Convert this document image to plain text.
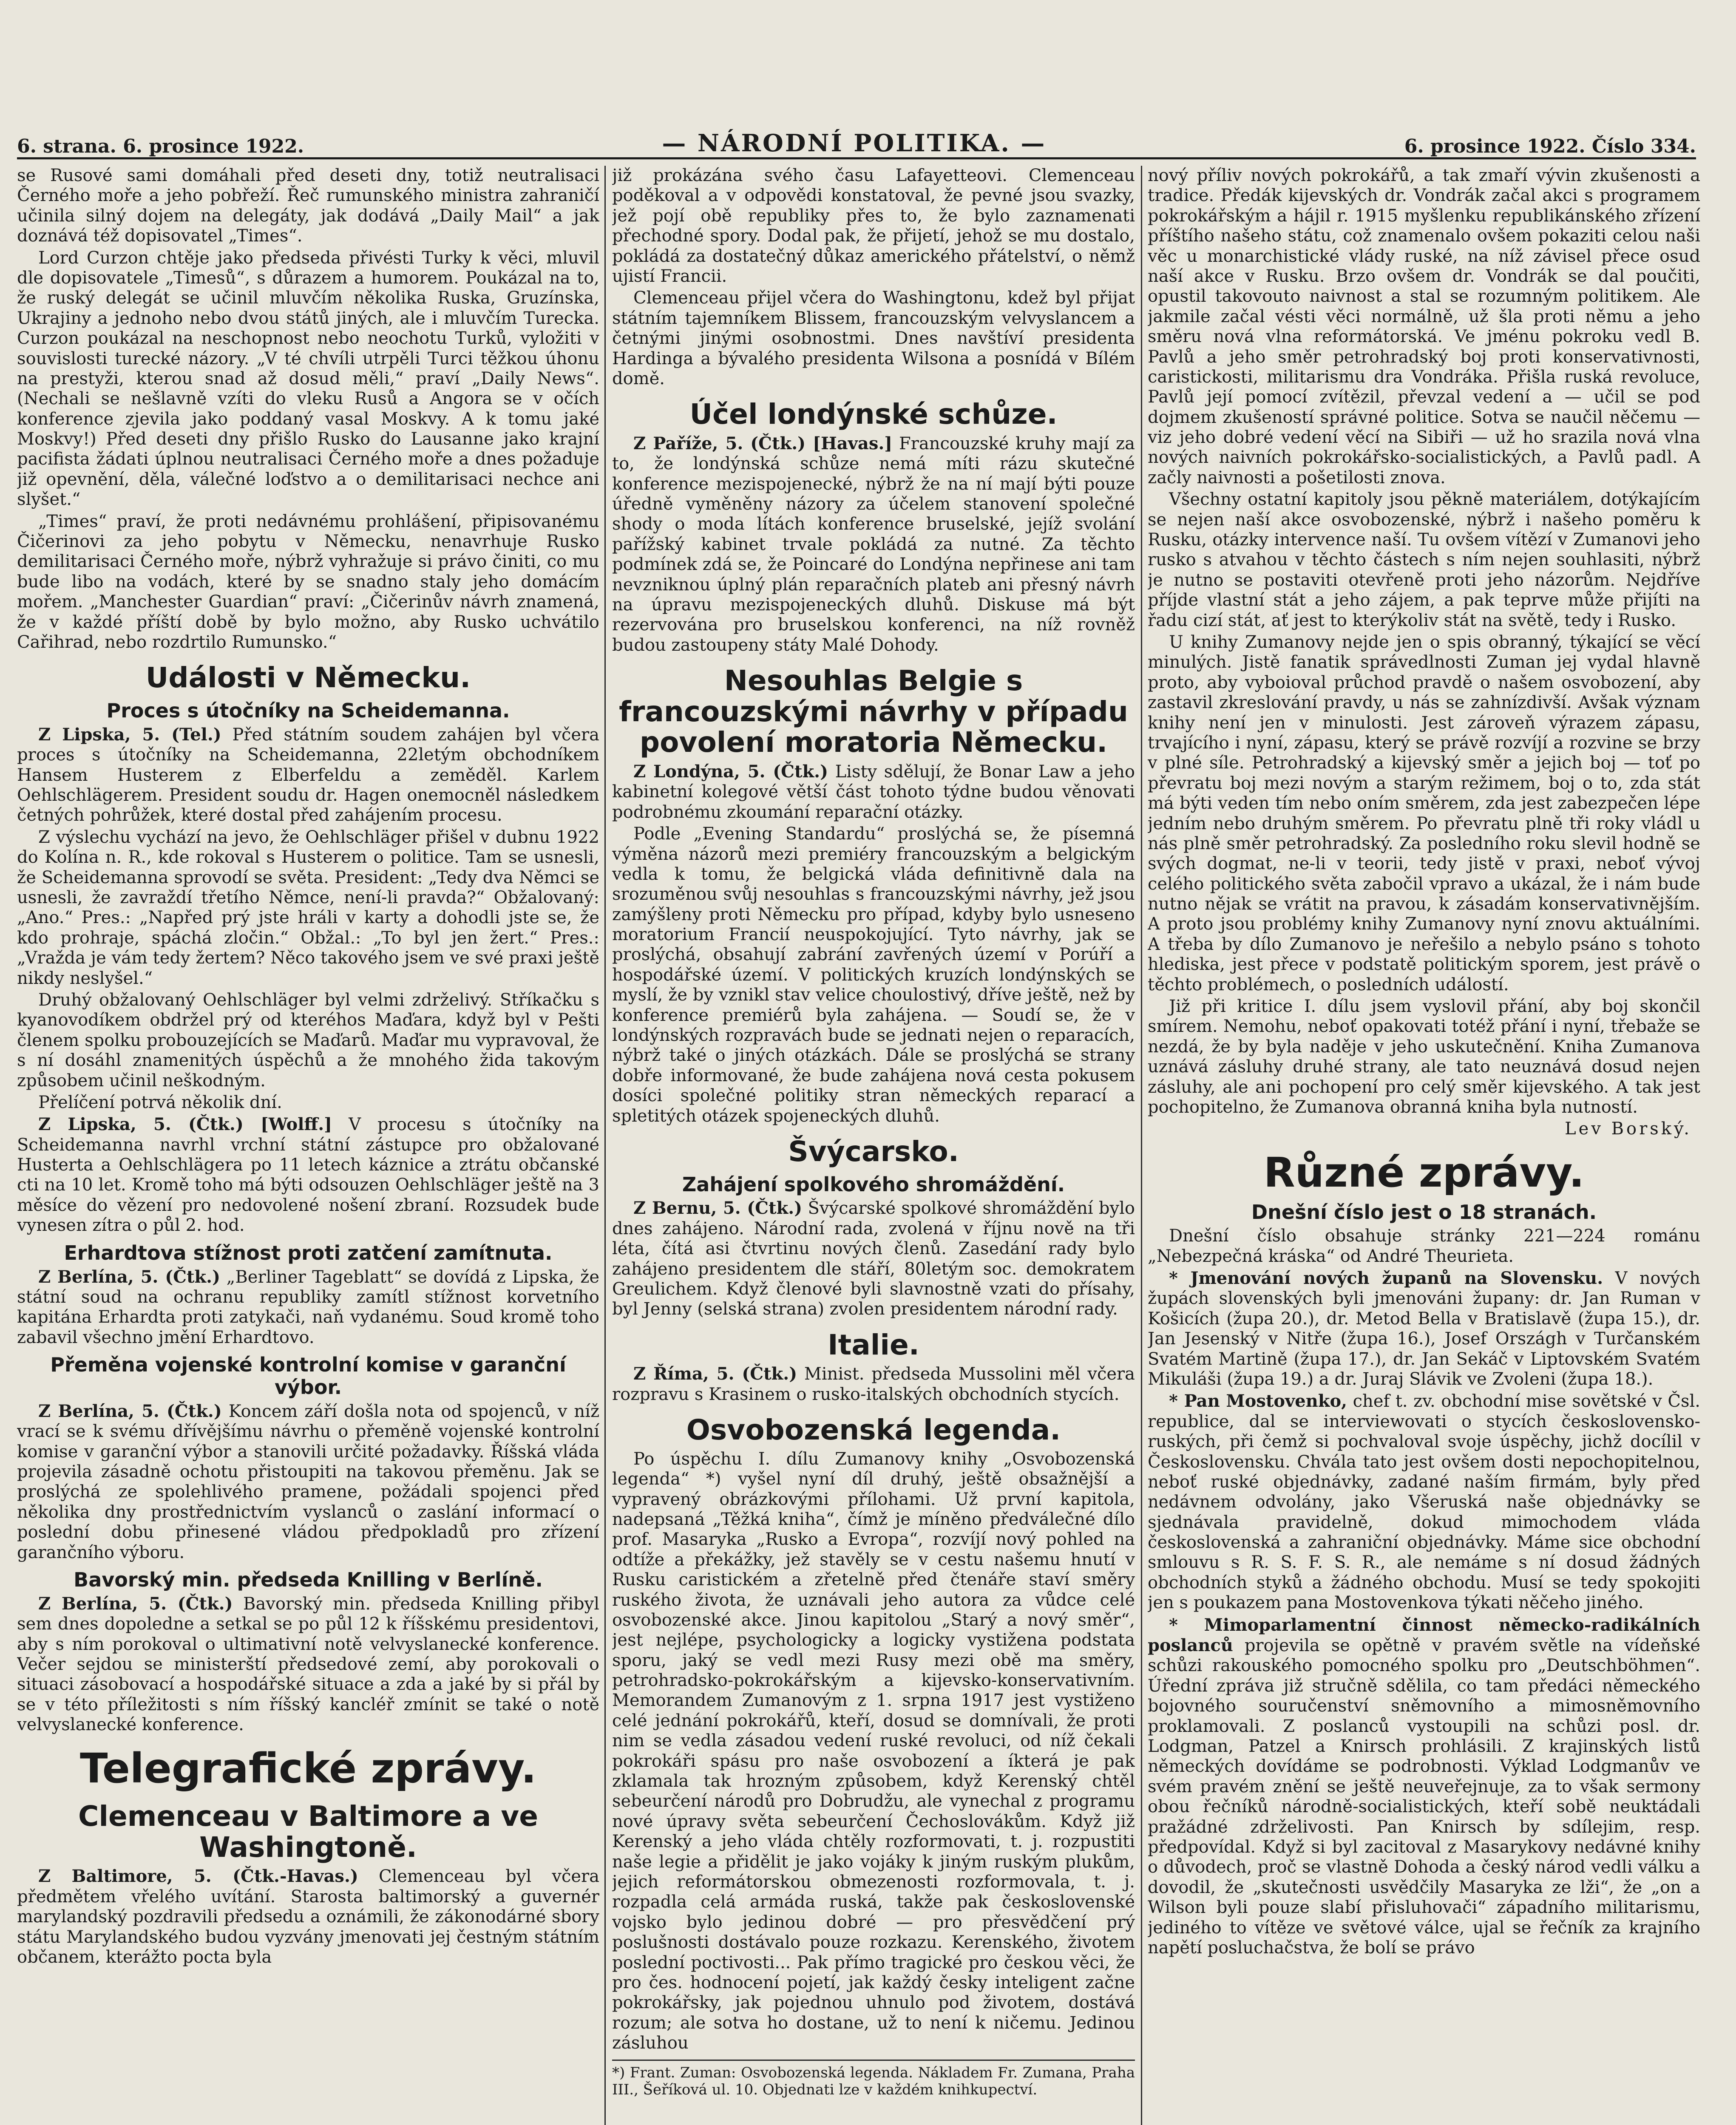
6. strana. 6. prosince 1922.	— NÁRODNÍ POLITIKA. —	6. prosince 1922. Číslo 334.

se Rusové sami domáhali před deseti dny, totiž neutralisaci Černého moře a jeho pobřeží. Řeč rumunského ministra zahraničí učinila silný dojem na delegáty, jak dodává „Daily Mail“ a jak doznává též dopisovatel „Times“.

Lord Curzon chtěje jako předseda přivésti Turky k věci, mluvil dle dopisovatele „Timesů“, s důrazem a humorem. Poukázal na to, že ruský delegát se učinil mluvčím několika Ruska, Gruzínska, Ukrajiny a jednoho nebo dvou států jiných, ale i mluvčím Turecka. Curzon poukázal na neschopnost nebo neochotu Turků, vyložiti v souvislosti turecké názory. „V té chvíli utrpěli Turci těžkou úhonu na prestyži, kterou snad až dosud měli,“ praví „Daily News“. (Nechali se nešlavně vzíti do vleku Rusů a Angora se v očích konference zjevila jako poddaný vasal Moskvy. A k tomu jaké Moskvy!) Před deseti dny přišlo Rusko do Lausanne jako krajní pacifista žádati úplnou neutralisaci Černého moře a dnes požaduje již opevnění, děla, válečné loďstvo a o demilitarisaci nechce ani slyšet.“

„Times“ praví, že proti nedávnému prohlášení, připisovanému Čičerinovi za jeho pobytu v Německu, nenavrhuje Rusko demilitarisaci Černého moře, nýbrž vyhražuje si právo činiti, co mu bude libo na vodách, které by se snadno staly jeho domácím mořem. „Manchester Guardian“ praví: „Čičerinův návrh znamená, že v každé příští době by bylo možno, aby Rusko uchvátilo Cařihrad, nebo rozdrtilo Rumunsko.“

Události v Německu.
Proces s útočníky na Scheidemanna.

Z Lipska, 5. (Tel.) Před státním soudem zahájen byl včera proces s útočníky na Scheidemanna, 22letým obchodníkem Hansem Husterem z Elberfeldu a zeměděl. Karlem Oehlschlägerem. President soudu dr. Hagen onemocněl následkem četných pohrůžek, které dostal před zahájením procesu.

Z výslechu vychází na jevo, že Oehlschläger přišel v dubnu 1922 do Kolína n. R., kde rokoval s Husterem o politice. Tam se usnesli, že Scheidemanna sprovodí se světa. President: „Tedy dva Němci se usnesli, že zavraždí třetího Němce, není-li pravda?“ Obžalovaný: „Ano.“ Pres.: „Napřed prý jste hráli v karty a dohodli jste se, že kdo prohraje, spáchá zločin.“ Obžal.: „To byl jen žert.“ Pres.: „Vražda je vám tedy žertem? Něco takového jsem ve své praxi ještě nikdy neslyšel.“

Druhý obžalovaný Oehlschläger byl velmi zdrželivý. Stříkačku s kyanovodíkem obdržel prý od kteréhos Maďara, když byl v Pešti členem spolku probouzejících se Maďarů. Maďar mu vypravoval, že s ní dosáhl znamenitých úspěchů a že mnohého žida takovým způsobem učinil neškodným.

Přelíčení potrvá několik dní.

Z Lipska, 5. (Čtk.) [Wolff.] V procesu s útočníky na Scheidemanna navrhl vrchní státní zástupce pro obžalované Husterta a Oehlschlägera po 11 letech káznice a ztrátu občanské cti na 10 let. Kromě toho má býti odsouzen Oehlschläger ještě na 3 měsíce do vězení pro nedovolené nošení zbraní. Rozsudek bude vynesen zítra o půl 2. hod.

Erhardtova stížnost proti zatčení zamítnuta.

Z Berlína, 5. (Čtk.) „Berliner Tageblatt“ se dovídá z Lipska, že státní soud na ochranu republiky zamítl stížnost korvetního kapitána Erhardta proti zatykači, naň vydanému. Soud kromě toho zabavil všechno jmění Erhardtovo.

Přeměna vojenské kontrolní komise v garanční výbor.

Z Berlína, 5. (Čtk.) Koncem září došla nota od spojenců, v níž vrací se k svému dřívějšímu návrhu o přeměně vojenské kontrolní komise v garanční výbor a stanovili určité požadavky. Říšská vláda projevila zásadně ochotu přistoupiti na takovou přeměnu. Jak se proslýchá ze spolehlivého pramene, požádali spojenci před několika dny prostřednictvím vyslanců o zaslání informací o poslední dobu přinesené vládou předpokladů pro zřízení garančního výboru.

Bavorský min. předseda Knilling v Berlíně.

Z Berlína, 5. (Čtk.) Bavorský min. předseda Knilling přibyl sem dnes dopoledne a setkal se po půl 12 k říšskému presidentovi, aby s ním porokoval o ultimativní notě velvyslanecké konference. Večer sejdou se ministerští předsedové zemí, aby porokovali o situaci zásobovací a hospodářské situace a zda a jaké by si přál by se v této příležitosti s ním říšský kancléř zmínit se také o notě velvyslanecké konference.

Telegrafické zprávy.
Clemenceau v Baltimore a ve Washingtoně.

Z Baltimore, 5. (Čtk.-Havas.) Clemenceau byl včera předmětem vřelého uvítání. Starosta baltimorský a guvernér marylandský pozdravili předsedu a oznámili, že zákonodárné sbory státu Marylandského budou vyzvány jmenovati jej čestným státním občanem, kterážto pocta byla

již prokázána svého času Lafayetteovi. Clemenceau poděkoval a v odpovědi konstatoval, že pevné jsou svazky, jež pojí obě republiky přes to, že bylo zaznamenati přechodné spory. Dodal pak, že přijetí, jehož se mu dostalo, pokládá za dostatečný důkaz amerického přátelství, o němž ujistí Francii.

Clemenceau přijel včera do Washingtonu, kdež byl přijat státním tajemníkem Blissem, francouzským velvyslancem a četnými jinými osobnostmi. Dnes navštíví presidenta Hardinga a bývalého presidenta Wilsona a posnídá v Bílém domě.

Účel londýnské schůze.

Z Paříže, 5. (Čtk.) [Havas.] Francouzské kruhy mají za to, že londýnská schůze nemá míti rázu skutečné konference mezispojenecké, nýbrž že na ní mají býti pouze úředně vyměněny názory za účelem stanovení společné shody o moda lítách konference bruselské, jejíž svolání pařížský kabinet trvale pokládá za nutné. Za těchto podmínek zdá se, že Poincaré do Londýna nepřinese ani tam nevzniknou úplný plán reparačních plateb ani přesný návrh na úpravu mezispojeneckých dluhů. Diskuse má být rezervována pro bruselskou konferenci, na níž rovněž budou zastoupeny státy Malé Dohody.

Nesouhlas Belgie s francouzskými návrhy v případu povolení moratoria Německu.

Z Londýna, 5. (Čtk.) Listy sdělují, že Bonar Law a jeho kabinetní kolegové větší část tohoto týdne budou věnovati podrobnému zkoumání reparační otázky.

Podle „Evening Standardu“ proslýchá se, že písemná výměna názorů mezi premiéry francouzským a belgickým vedla k tomu, že belgická vláda definitivně dala na srozuměnou svůj nesouhlas s francouzskými návrhy, jež jsou zamýšleny proti Německu pro případ, kdyby bylo usneseno moratorium Francií neuspokojující. Tyto návrhy, jak se proslýchá, obsahují zabrání zavřených území v Porúří a hospodářské území. V politických kruzích londýnských se myslí, že by vznikl stav velice choulostivý, dříve ještě, než by konference premiérů byla zahájena. — Soudí se, že v londýnských rozpravách bude se jednati nejen o reparacích, nýbrž také o jiných otázkách. Dále se proslýchá se strany dobře informované, že bude zahájena nová cesta pokusem dosíci společné politiky stran německých reparací a spletitých otázek spojeneckých dluhů.

Švýcarsko.
Zahájení spolkového shromáždění.

Z Bernu, 5. (Čtk.) Švýcarské spolkové shromáždění bylo dnes zahájeno. Národní rada, zvolená v říjnu nově na tři léta, čítá asi čtvrtinu nových členů. Zasedání rady bylo zahájeno presidentem dle stáří, 80letým soc. demokratem Greulichem. Když členové byli slavnostně vzati do přísahy, byl Jenny (selská strana) zvolen presidentem národní rady.

Italie.

Z Říma, 5. (Čtk.) Minist. předseda Mussolini měl včera rozpravu s Krasinem o rusko-italských obchodních stycích.

Osvobozenská legenda.

Po úspěchu I. dílu Zumanovy knihy „Osvobozenská legenda“ *) vyšel nyní díl druhý, ještě obsažnější a vypravený obrázkovými přílohami. Už první kapitola, nadepsaná „Těžká kniha“, čímž je míněno předválečné dílo prof. Masaryka „Rusko a Evropa“, rozvíjí nový pohled na odtíže a překážky, jež stavěly se v cestu našemu hnutí v Rusku caristickém a zřetelně před čtenáře staví směry ruského života, že uznávali jeho autora za vůdce celé osvobozenské akce. Jinou kapitolou „Starý a nový směr“, jest nejlépe, psychologicky a logicky vystižena podstata sporu, jaký se vedl mezi Rusy mezi obě ma směry, petrohradsko-pokrokářským a kijevsko-konservativním. Memorandem Zumanovým z 1. srpna 1917 jest vystiženo celé jednání pokrokářů, kteří, dosud se domnívali, že proti nim se vedla zásadou vedení ruské revoluci, od níž čekali pokrokáři spásu pro naše osvobození a íkterá je pak zklamala tak hrozným způsobem, když Kerenský chtěl sebeurčení národů pro Dobrudžu, ale vynechal z programu nové úpravy světa sebeurčení Čechoslovákům. Když již Kerenský a jeho vláda chtěly rozformovati, t. j. rozpustiti naše legie a přidělit je jako vojáky k jiným ruským plukům, jejich reformátorskou obmezenosti rozformovala, t. j. rozpadla celá armáda ruská, takže pak československé vojsko bylo jedinou dobré — pro přesvědčení prý poslušnosti dostávalo pouze rozkazu. Kerenského, životem poslední poctivosti... Pak přímo tragické pro českou věci, že pro čes. hodnocení pojetí, jak každý česky inteligent začne pokrokářsky, jak pojednou uhnulo pod životem, dostává rozum; ale sotva ho dostane, už to není k ničemu. Jedinou zásluhou

*) Frant. Zuman: Osvobozenská legenda. Nákladem Fr. Zumana, Praha III., Šeříková ul. 10. Objednati lze v každém knihkupectví.

nový příliv nových pokrokářů, a tak zmaří vývin zkušenosti a tradice. Předák kijevských dr. Vondrák začal akci s programem pokrokářským a hájil r. 1915 myšlenku republikánského zřízení příštího našeho státu, což znamenalo ovšem pokaziti celou naši věc u monarchistické vlády ruské, na níž závisel přece osud naší akce v Rusku. Brzo ovšem dr. Vondrák se dal poučiti, opustil takovouto naivnost a stal se rozumným politikem. Ale jakmile začal vésti věci normálně, už šla proti němu a jeho směru nová vlna reformátorská. Ve jménu pokroku vedl B. Pavlů a jeho směr petrohradský boj proti konservativnosti, caristickosti, militarismu dra Vondráka. Přišla ruská revoluce, Pavlů její pomocí zvítězil, převzal vedení a — učil se pod dojmem zkušeností správné politice. Sotva se naučil něčemu — viz jeho dobré vedení věcí na Sibiři — už ho srazila nová vlna nových naivních pokrokářsko-socialistických, a Pavlů padl. A začly naivnosti a pošetilosti znova.

Všechny ostatní kapitoly jsou pěkně materiálem, dotýkajícím se nejen naší akce osvobozenské, nýbrž i našeho poměru k Rusku, otázky intervence naší. Tu ovšem vítězí v Zumanovi jeho rusko s atvahou v těchto částech s ním nejen souhlasiti, nýbrž je nutno se postaviti otevřeně proti jeho názorům. Nejdříve příjde vlastní stát a jeho zájem, a pak teprve může přijíti na řadu cizí stát, ať jest to kterýkoliv stát na světě, tedy i Rusko.

U knihy Zumanovy nejde jen o spis obranný, týkající se věcí minulých. Jistě fanatik správedlnosti Zuman jej vydal hlavně proto, aby vyboioval průchod pravdě o našem osvobození, aby zastavil zkreslování pravdy, u nás se zahnízdivší. Avšak význam knihy není jen v minulosti. Jest zároveň výrazem zápasu, trvajícího i nyní, zápasu, který se právě rozvíjí a rozvine se brzy v plné síle. Petrohradský a kijevský směr a jejich boj — toť po převratu boj mezi novým a starým režimem, boj o to, zda stát má býti veden tím nebo oním směrem, zda jest zabezpečen lépe jedním nebo druhým směrem. Po převratu plně tři roky vládl u nás plně směr petrohradský. Za posledního roku slevil hodně se svých dogmat, ne-li v teorii, tedy jistě v praxi, neboť vývoj celého politického světa zabočil vpravo a ukázal, že i nám bude nutno nějak se vrátit na pravou, k zásadám konservativnějším. A proto jsou problémy knihy Zumanovy nyní znovu aktuálními. A třeba by dílo Zumanovo je neřešilo a nebylo psáno s tohoto hlediska, jest přece v podstatě politickým sporem, jest právě o těchto problémech, o posledních událostí.

Již při kritice I. dílu jsem vyslovil přání, aby boj skončil smírem. Nemohu, neboť opakovati totéž přání i nyní, třebaže se nezdá, že by byla naděje v jeho uskutečnění. Kniha Zumanova uznává zásluhy druhé strany, ale tato neuznává dosud nejen zásluhy, ale ani pochopení pro celý směr kijevského. A tak jest pochopitelno, že Zumanova obranná kniha byla nutností.

Lev Borský.
Různé zprávy.
Dnešní číslo jest o 18 stranách.

Dnešní číslo obsahuje stránky 221—224 románu „Nebezpečná kráska“ od André Theurieta.

* Jmenování nových županů na Slovensku. V nových župách slovenských byli jmenováni župany: dr. Jan Ruman v Košicích (župa 20.), dr. Metod Bella v Bratislavě (župa 15.), dr. Jan Jesenský v Nitře (župa 16.), Josef Országh v Turčanském Svatém Martině (župa 17.), dr. Jan Sekáč v Liptovském Svatém Mikuláši (župa 19.) a dr. Juraj Slávik ve Zvoleni (župa 18.).

* Pan Mostovenko, chef t. zv. obchodní mise sovětské v Čsl. republice, dal se interviewovati o stycích československo-ruských, při čemž si pochvaloval svoje úspěchy, jichž docílil v Československu. Chvála tato jest ovšem dosti nepochopitelnou, neboť ruské objednávky, zadané naším firmám, byly před nedávnem odvolány, jako Všeruská naše objednávky se sjednávala pravidelně, dokud mimochodem vláda československá a zahraniční objednávky. Máme sice obchodní smlouvu s R. S. F. S. R., ale nemáme s ní dosud žádných obchodních styků a žádného obchodu. Musí se tedy spokojiti jen s poukazem pana Mostovenkova týkati něčeho jiného.

* Mimoparlamentní činnost německo-radikálních poslanců projevila se opětně v pravém světle na vídeňské schůzi rakouského pomocného spolku pro „Deutschböhmen“. Úřední zpráva již stručně sdělila, co tam předáci německého bojovného souručenství sněmovního a mimosněmovního proklamovali. Z poslanců vystoupili na schůzi posl. dr. Lodgman, Patzel a Knirsch prohlásili. Z krajinských listů německých dovídáme se podrobnosti. Výklad Lodgmanův ve svém pravém znění se ještě neuveřejnuje, za to však sermony obou řečníků národně-socialistických, kteří sobě neuktádali pražádné zdrželivosti. Pan Knirsch by sdílejim, resp. předpovídal. Když si byl zacitoval z Masarykovy nedávné knihy o důvodech, proč se vlastně Dohoda a český národ vedli válku a dovodil, že „skutečnosti usvědčily Masaryka ze lži“, že „on a Wilson byli pouze slabí přisluhovači“ západního militarismu, jediného to vítěze ve světové válce, ujal se řečník za krajního napětí posluchačstva, že bolí se právo
